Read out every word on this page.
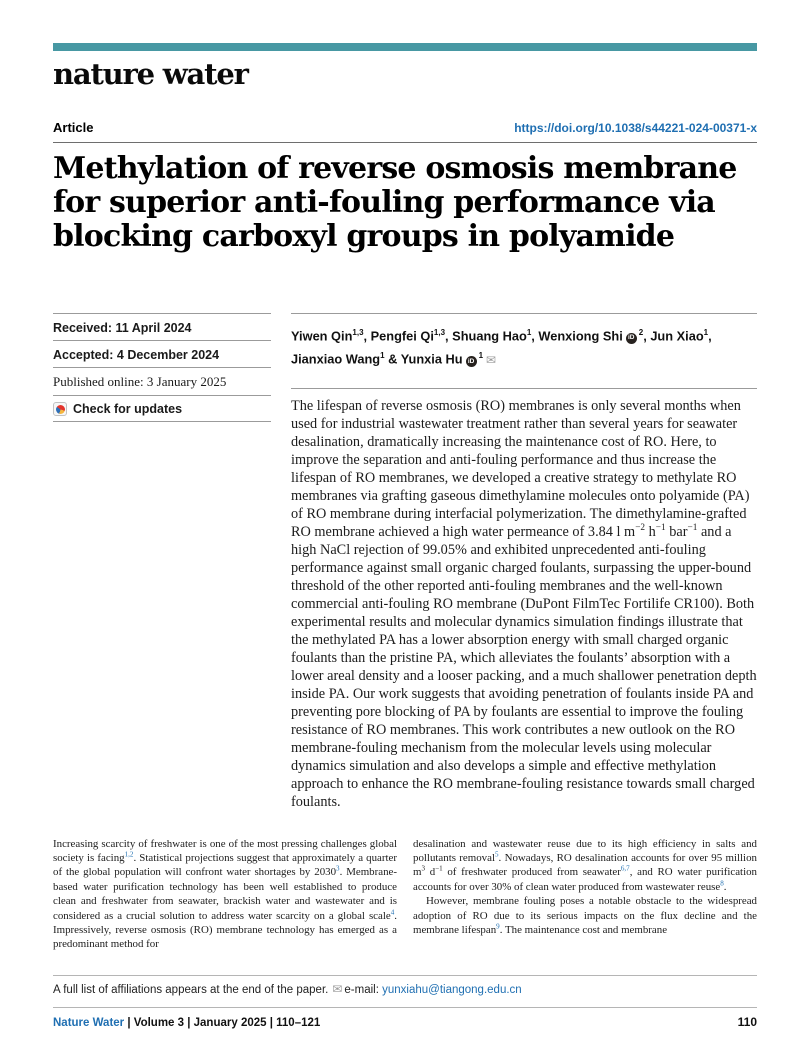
nature water
Article	https://doi.org/10.1038/s44221-024-00371-x
Methylation of reverse osmosis membrane
for superior anti-fouling performance via
blocking carboxyl groups in polyamide
Received: 11 April 2024
Accepted: 4 December 2024
Published online: 3 January 2025
Check for updates
Yiwen Qin$^{1,3}$, Pengfei Qi$^{1,3}$, Shuang Hao$^1$, Wenxiong Shi $iD^2$, Jun Xiao$^1$, Jianxiao Wang$^1$ & Yunxia Hu $iD^1$ ✉
The lifespan of reverse osmosis (RO) membranes is only several months when used for industrial wastewater treatment rather than several years for seawater desalination, dramatically increasing the maintenance cost of RO. Here, to improve the separation and anti-fouling performance and thus increase the lifespan of RO membranes, we developed a creative strategy to methylate RO membranes via grafting gaseous dimethylamine molecules onto polyamide (PA) of RO membrane during interfacial polymerization. The dimethylamine-grafted RO membrane achieved a high water permeance of 3.84 l $m^{-2}$ $h^{-1}$ bar$^{-1}$ and a high NaCl rejection of 99.05% and exhibited unprecedented anti-fouling performance against small organic charged foulants, surpassing the upper-bound threshold of the other reported anti-fouling membranes and the well-known commercial anti-fouling RO membrane (DuPont FilmTec Fortilife CR100). Both experimental results and molecular dynamics simulation findings illustrate that the methylated PA has a lower absorption energy with small charged organic foulants than the pristine PA, which alleviates the foulants’ absorption with a lower areal density and a looser packing, and a much shallower penetration depth inside PA. Our work suggests that avoiding penetration of foulants inside PA and preventing pore blocking of PA by foulants are essential to improve the fouling resistance of RO membranes. This work contributes a new outlook on the RO membrane-fouling mechanism from the molecular levels using molecular dynamics simulation and also develops a simple and effective methylation approach to enhance the RO membrane-fouling resistance towards small charged foulants.

Increasing scarcity of freshwater is one of the most pressing challenges global society is facing$^{1,2}$. Statistical projections suggest that approximately a quarter of the global population will confront water shortages by 2030$^3$. Membrane-based water purification technology has been well established to produce clean and freshwater from seawater, brackish water and wastewater and is considered as a crucial solution to address water scarcity on a global scale$^4$. Impressively, reverse osmosis (RO) membrane technology has emerged as a predominant method for

desalination and wastewater reuse due to its high efficiency in salts and pollutants removal$^5$. Nowadays, RO desalination accounts for over 95 million $m^3$ $d^{-1}$ of freshwater produced from seawater$^{6,7}$, and RO water purification accounts for over 30% of clean water produced from wastewater reuse$^8$.

However, membrane fouling poses a notable obstacle to the widespread adoption of RO due to its serious impacts on the flux decline and the membrane lifespan$^9$. The maintenance cost and membrane

A full list of affiliations appears at the end of the paper. ✉ e-mail: yunxiahu@tiangong.edu.cn
Nature Water | Volume 3 | January 2025 | 110–121	110
